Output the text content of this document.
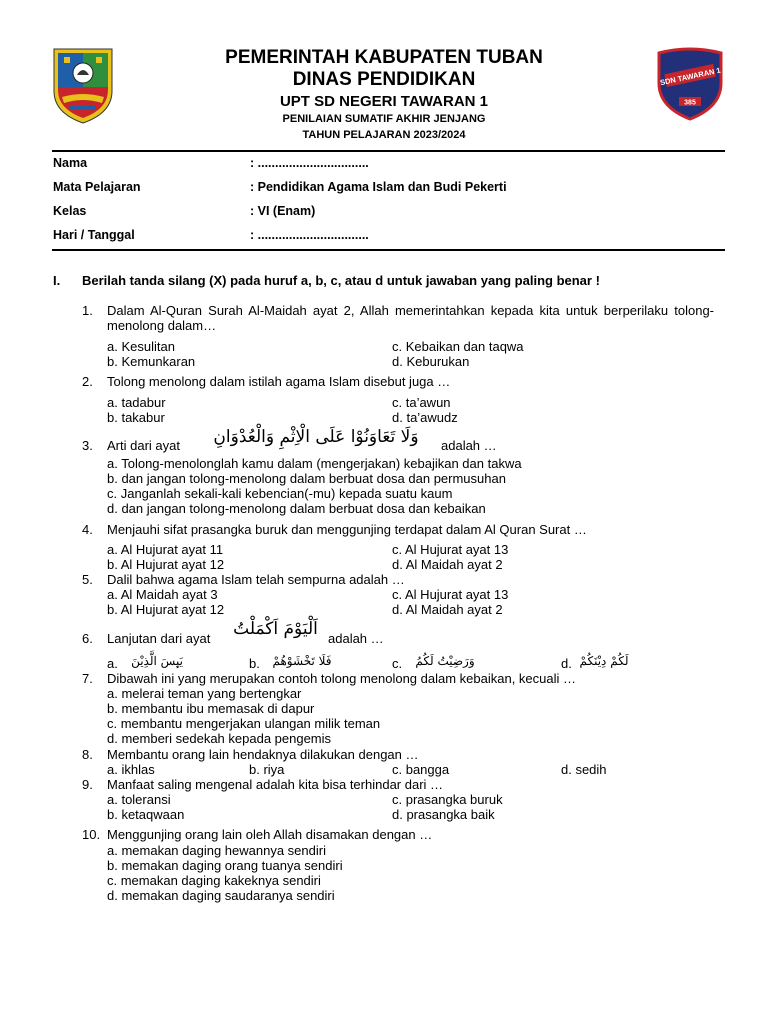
SDN TAWARAN 1
385
PEMERINTAH KABUPATEN TUBAN
DINAS PENDIDIKAN
UPT SD NEGERI TAWARAN 1
PENILAIAN SUMATIF AKHIR JENJANG
TAHUN PELAJARAN 2023/2024
Nama	: ................................
Mata Pelajaran	: Pendidikan Agama Islam dan Budi Pekerti
Kelas	: VI (Enam)
Hari / Tanggal	: ................................
I. Berilah tanda silang (X) pada huruf a, b, c, atau d untuk jawaban yang paling benar !
1. Dalam Al-Quran Surah Al-Maidah ayat 2, Allah memerintahkan kepada kita untuk berperilaku tolong-menolong dalam…
a. Kesulitan	c. Kebaikan dan taqwa
b. Kemunkaran	d. Keburukan
2. Tolong menolong dalam istilah agama Islam disebut juga …
a. tadabur	c. ta’awun
b. takabur	d. ta’awudz
3. Arti dari ayat	وَلَا تَعَاوَنُوْا عَلَى الْاِثْمِ وَالْعُدْوَانِ	adalah …
a. Tolong-menolonglah kamu dalam (mengerjakan) kebajikan dan takwa
b. dan jangan tolong-menolong dalam berbuat dosa dan permusuhan
c. Janganlah sekali-kali kebencian(-mu) kepada suatu kaum
d. dan jangan tolong-menolong dalam berbuat dosa dan kebaikan
4. Menjauhi sifat prasangka buruk dan menggunjing terdapat dalam Al Quran Surat …
a. Al Hujurat ayat 11	c. Al Hujurat ayat 13
b. Al Hujurat ayat 12	d. Al Maidah ayat 2
5. Dalil bahwa agama Islam telah sempurna adalah …
a. Al Maidah ayat 3	c. Al Hujurat ayat 13
b. Al Hujurat ayat 12	d. Al Maidah ayat 2
6. Lanjutan dari ayat	اَلْيَوْمَ اَكْمَلْتُ adalah …
a.	يَىِٕسَ الَّذِيْنَ	b.	فَلَا تَخْشَوْهُمْ	c.	وَرَضِيْتُ لَكُمُ	d. لَكُمْ دِيْنَكُمْ
7. Dibawah ini yang merupakan contoh tolong menolong dalam kebaikan, kecuali …
a. melerai teman yang bertengkar
b. membantu ibu memasak di dapur
c. membantu mengerjakan ulangan milik teman
d. memberi sedekah kepada pengemis
8. Membantu orang lain hendaknya dilakukan dengan …
a. ikhlas	b. riya	c. bangga	d. sedih
9. Manfaat saling mengenal adalah kita bisa terhindar dari …
a. toleransi	c. prasangka buruk
b. ketaqwaan	d. prasangka baik
10. Menggunjing orang lain oleh Allah disamakan dengan …
a. memakan daging hewannya sendiri
b. memakan daging orang tuanya sendiri
c. memakan daging kakeknya sendiri
d. memakan daging saudaranya sendiri
